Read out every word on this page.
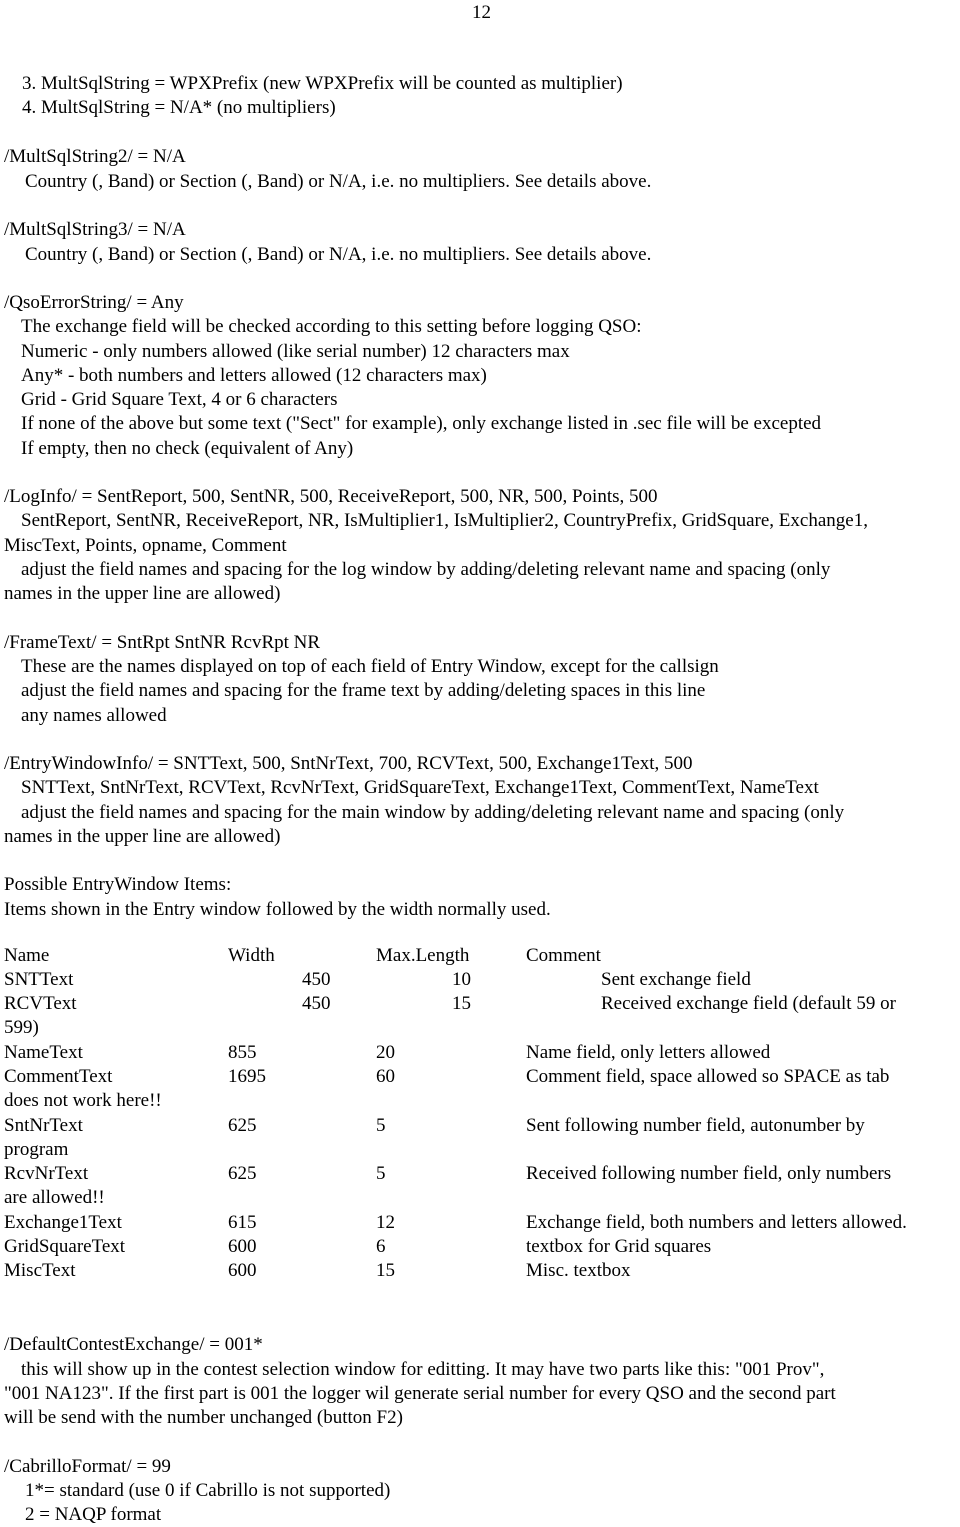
12
3. MultSqlString = WPXPrefix (new WPXPrefix will be counted as multiplier)
4. MultSqlString = N/A* (no multipliers)
/MultSqlString2/ = N/A
Country (, Band) or Section (, Band) or N/A, i.e. no multipliers. See details above.
/MultSqlString3/ = N/A
Country (, Band) or Section (, Band) or N/A, i.e. no multipliers. See details above.
/QsoErrorString/ = Any
The exchange field will be checked according to this setting before logging QSO:
Numeric - only numbers allowed (like serial number) 12 characters max
Any* - both numbers and letters allowed (12 characters max)
Grid - Grid Square Text, 4 or 6 characters
If none of the above but some text ("Sect" for example), only exchange listed in .sec file will be excepted
If empty, then no check (equivalent of Any)
/LogInfo/ = SentReport, 500, SentNR, 500, ReceiveReport, 500, NR, 500, Points, 500
SentReport, SentNR, ReceiveReport, NR, IsMultiplier1, IsMultiplier2, CountryPrefix, GridSquare, Exchange1,
MiscText, Points, opname, Comment
adjust the field names and spacing for the log window by adding/deleting relevant name and spacing (only
names in the upper line are allowed)
/FrameText/ = SntRpt SntNR RcvRpt NR
These are the names displayed on top of each field of Entry Window, except for the callsign
adjust the field names and spacing for the frame text by adding/deleting spaces in this line
any names allowed
/EntryWindowInfo/ = SNTText, 500, SntNrText, 700, RCVText, 500, Exchange1Text, 500
SNTText, SntNrText, RCVText, RcvNrText, GridSquareText, Exchange1Text, CommentText, NameText
adjust the field names and spacing for the main window by adding/deleting relevant name and spacing (only
names in the upper line are allowed)
Possible EntryWindow Items:
Items shown in the Entry window followed by the width normally used.
/DefaultContestExchange/ = 001*
this will show up in the contest selection window for editting. It may have two parts like this: "001 Prov",
"001 NA123". If the first part is 001 the logger wil generate serial number for every QSO and the second part
will be send with the number unchanged (button F2)
/CabrilloFormat/ = 99
1*= standard (use 0 if Cabrillo is not supported)
2 = NAQP format
Name	Width	Max.Length	Comment
SNTText	450	10	Sent exchange field
RCVText	450	15	Received exchange field (default 59 or
599)
NameText	855	20	Name field, only letters allowed
CommentText	1695	60	Comment field, space allowed so SPACE as tab
does not work here!!
SntNrText	625	5	Sent following number field, autonumber by
program
RcvNrText	625	5	Received following number field, only numbers
are allowed!!
Exchange1Text	615	12	Exchange field, both numbers and letters allowed.
GridSquareText	600	6	textbox for Grid squares
MiscText	600	15	Misc. textbox
